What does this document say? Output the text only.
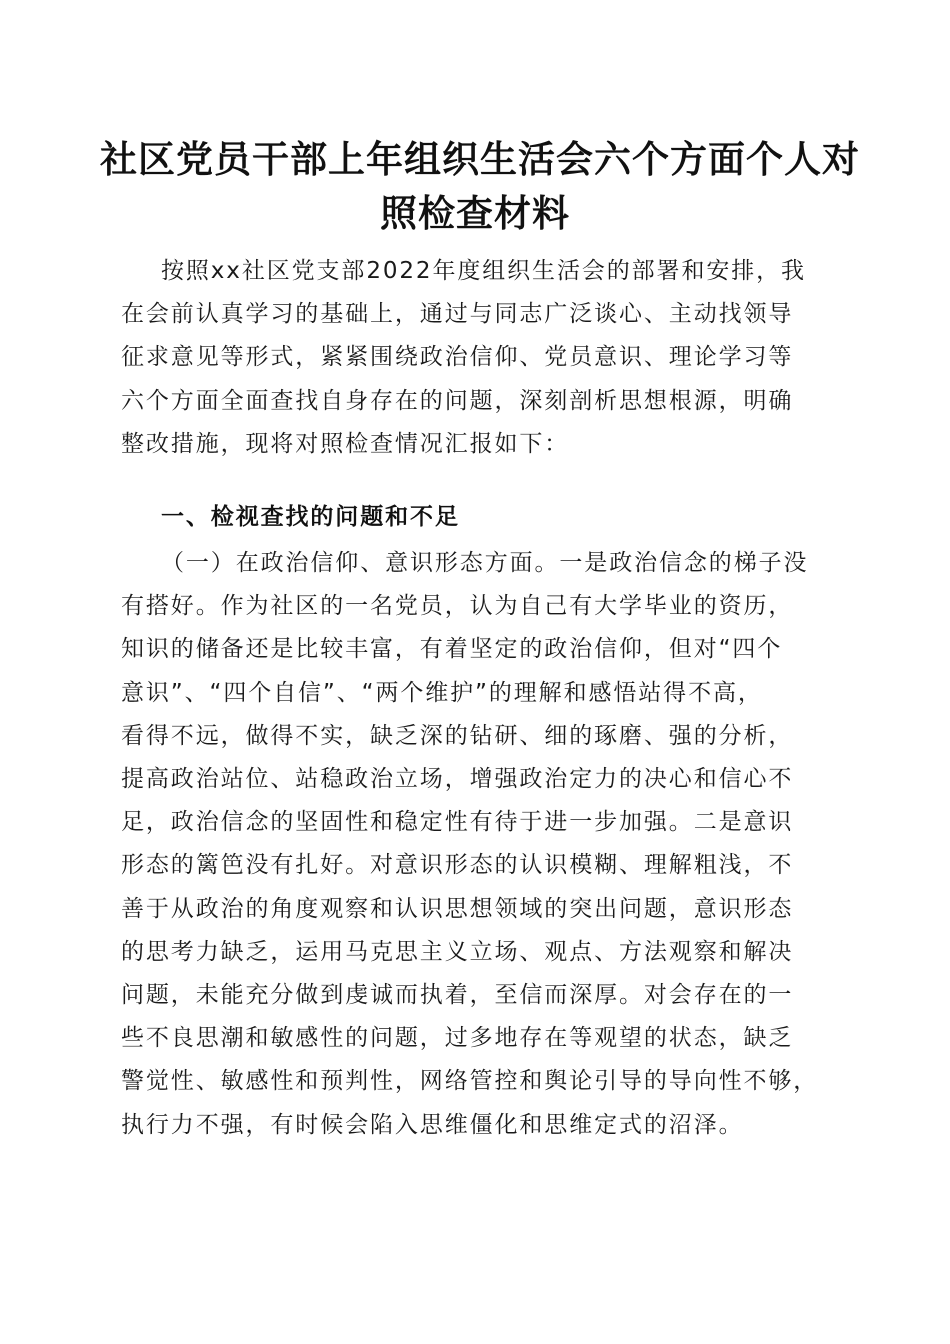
社区党员干部上年组织生活会六个方面个人对
照检查材料
按照xx社区党支部2022年度组织生活会的部署和安排，我
在会前认真学习的基础上，通过与同志广泛谈心、主动找领导
征求意见等形式，紧紧围绕政治信仰、党员意识、理论学习等
六个方面全面查找自身存在的问题，深刻剖析思想根源，明确
整改措施，现将对照检查情况汇报如下：
一、检视查找的问题和不足
（一）在政治信仰、意识形态方面。一是政治信念的梯子没
有搭好。作为社区的一名党员，认为自己有大学毕业的资历，
知识的储备还是比较丰富，有着坚定的政治信仰，但对“四个
意识”、“四个自信”、“两个维护”的理解和感悟站得不高，
看得不远，做得不实，缺乏深的钻研、细的琢磨、强的分析，
提高政治站位、站稳政治立场，增强政治定力的决心和信心不
足，政治信念的坚固性和稳定性有待于进一步加强。二是意识
形态的篱笆没有扎好。对意识形态的认识模糊、理解粗浅，不
善于从政治的角度观察和认识思想领域的突出问题，意识形态
的思考力缺乏，运用马克思主义立场、观点、方法观察和解决
问题，未能充分做到虔诚而执着，至信而深厚。对会存在的一
些不良思潮和敏感性的问题，过多地存在等观望的状态，缺乏
警觉性、敏感性和预判性，网络管控和舆论引导的导向性不够，
执行力不强，有时候会陷入思维僵化和思维定式的沼泽。
